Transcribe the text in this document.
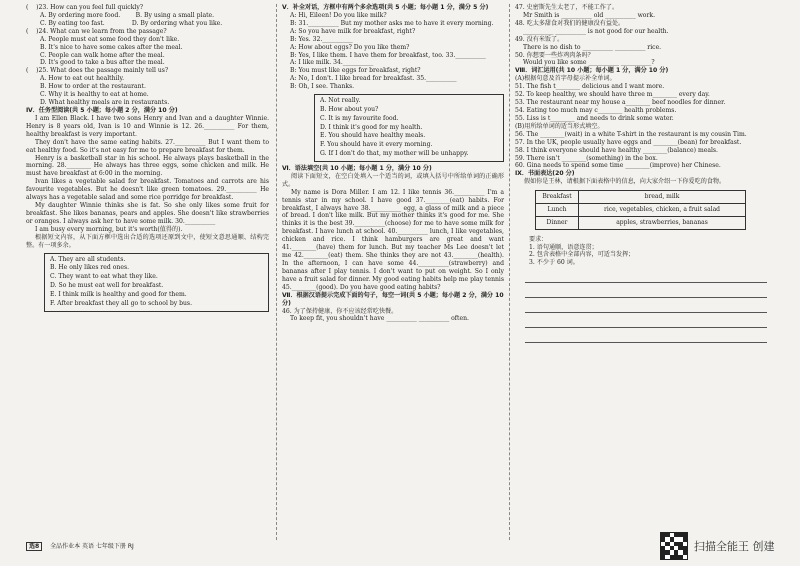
(    )23. How can you feel full quickly?

A. By ordering more food.        B. By using a small plate.

C. By eating too fast.              D. By ordering what you like.

(    )24. What can we learn from the passage?

A. People must eat some food they don't like.

B. It's nice to have some cakes after the meal.

C. People can walk home after the meal.

D. It's good to take a bus after the meal.

(    )25. What does the passage mainly tell us?

A. How to eat out healthily.

B. How to order at the restaurant.

C. Why it is healthy to eat at home.

D. What healthy meals are in restaurants.

Ⅳ．任务型阅读(共 5 小题；每小题 2 分，满分 10 分)

I am Ellen Black. I have two sons Henry and Ivan and a daughter Winnie. Henry is 8 years old, Ivan is 10 and Winnie is 12. 26.__________ For them, healthy breakfast is very important.

They don't have the same eating habits. 27.__________ But I want them to eat healthy food. So it's not easy for me to prepare breakfast for them.

Henry is a basketball star in his school. He always plays basketball in the morning. 28.________ He always has three eggs, some chicken and milk. He must have breakfast at 6:00 in the morning.

Ivan likes a vegetable salad for breakfast. Tomatoes and carrots are his favourite vegetables. But he doesn't like green tomatoes. 29.__________ He always has a vegetable salad and some rice porridge for breakfast.

My daughter Winnie thinks she is fat. So she only likes some fruit for breakfast. She likes bananas, pears and apples. She doesn't like strawberries or oranges. I always ask her to have some milk. 30.__________

I am busy every morning, but it's worth(值得的).

根据短文内容，从下面方框中选出合适的选项还原到文中，使短文意思通顺、结构完整。有一项多余。

A. They are all students.

B. He only likes red ones.

C. They want to eat what they like.

D. So he must eat well for breakfast.

E. I think milk is healthy and good for them.

F. After breakfast they all go to school by bus.

Ⅴ．补全对话，方框中有两个多余选项(共 5 小题；每小题 1 分，满分 5 分)

A: Hi, Eileen! Do you like milk?

B: 31.__________ But my mother asks me to have it every morning.

A: So you have milk for breakfast, right?

B: Yes. 32.__________

A: How about eggs? Do you like them?

B: Yes, I like them. I have them for breakfast, too. 33.__________

A: I like milk. 34.__________

B: You must like eggs for breakfast, right?

A: No, I don't. I like bread for breakfast. 35.__________

B: Oh, I see. Thanks.

A. Not really.

B. How about you?

C. It is my favourite food.

D. I think it's good for my health.

E. You should have healthy meals.

F. You should have it every morning.

G. If I don't do that, my mother will be unhappy.

Ⅵ．语法填空(共 10 小题；每小题 1 分，满分 10 分)

阅读下面短文，在空白处填入一个适当的词，或填入括号中所给单词的正确形式。

My name is Dora Miller. I am 12. I like tennis 36.__________ I'm a tennis star in my school. I have good 37.________(eat) habits. For breakfast, I always have 38.__________ egg, a glass of milk and a piece of bread. I don't like milk. But my mother thinks it's good for me. She thinks it is the best 39.__________(choose) for me to have some milk for breakfast. I have lunch at school. 40.__________ lunch, I like vegetables, chicken and rice. I think hamburgers are great and want 41.________(have) them for lunch. But my teacher Ms Lee doesn't let me 42.________(eat) them. She thinks they are not 43.________(health). In the afternoon, I can have some 44.__________(strawberry) and bananas after I play tennis. I don't want to put on weight. So I only have a fruit salad for dinner. My good eating habits help me play tennis 45.________(good). Do you have good eating habits?

Ⅶ．根据汉语提示完成下面的句子，每空一词(共 5 小题；每小题 2 分，满分 10 分)

46. 为了保持健康，你不应该经常吃快餐。

To keep fit, you shouldn't have __________ __________ often.

47. 史密斯先生太老了，不能工作了。

Mr Smith is __________ old __________ work.

48. 吃太多甜食对我们的健康没有益处。

__________ __________ is not good for our health.

49. 没有米饭了。

There is no dish to __________ __________ rice.

50. 你想要一些炸鸡肉条吗？

Would you like some __________ __________?

Ⅷ．词汇运用(共 10 小题；每小题 1 分，满分 10 分)

(A)根据句意及首字母提示补全单词。

51. The fish t________ delicious and I want more.

52. To keep healthy, we should have three m________ every day.

53. The restaurant near my house a________ beef noodles for dinner.

54. Eating too much may c________ health problems.

55. Liss is t________ and needs to drink some water.

(B)用所给单词的适当形式填空。

56. The ________(wait) in a white T-shirt in the restaurant is my cousin Tim.

57. In the UK, people usually have eggs and ________(bean) for breakfast.

58. I think everyone should have healthy ________(balance) meals.

59. There isn't ________(something) in the box.

60. Gina needs to spend some time ________(improve) her Chinese.

Ⅸ．书面表达(20 分)

假如你是王林，请根据下面表格中的信息，向大家介绍一下你爱吃的食物。

Breakfast	bread, milk
Lunch	rice, vegetables, chicken, a fruit salad
Dinner	apples, strawberries, bananas

要求：

1. 语句通顺，语意连贯；

2. 包含表格中全部内容，可适当发挥；

3. 不少于 60 词。

选8 全品作业本 英语 七年级下册 RJ	扫描全能王 创建
